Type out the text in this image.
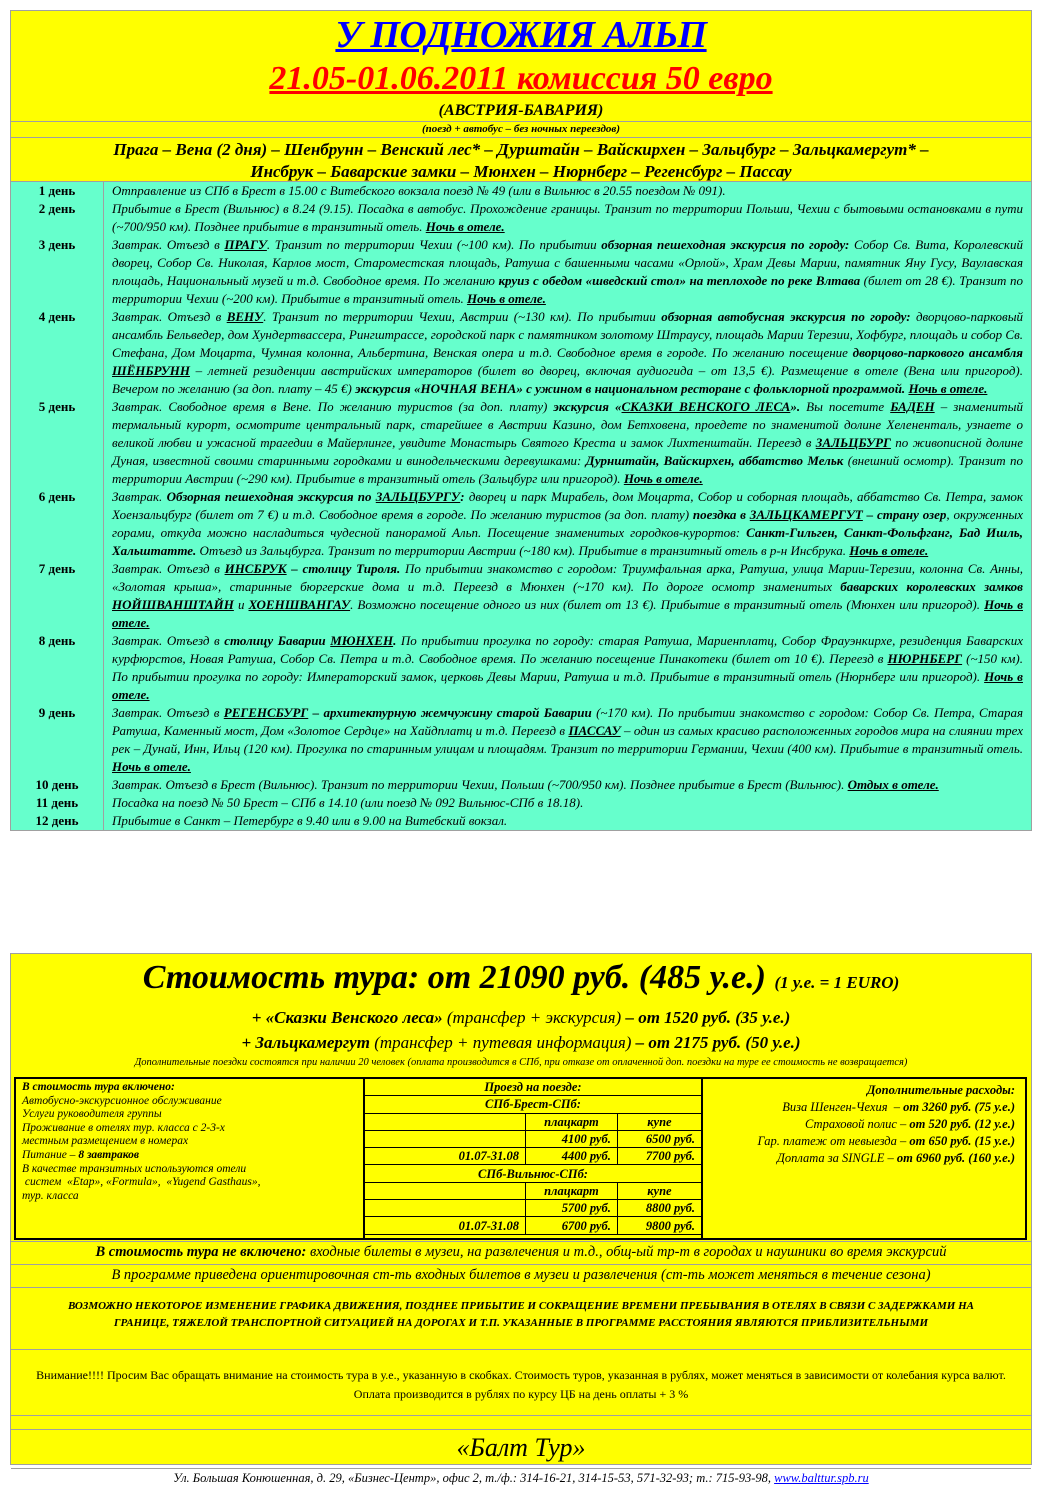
У ПОДНОЖИЯ АЛЬП
21.05-01.06.2011 комиссия 50 евро
(АВСТРИЯ-БАВАРИЯ)
(поезд + автобус – без ночных переездов)
Прага – Вена (2 дня) – Шенбрунн – Венский лес* – Дурштайн – Вайскирхен – Зальцбург – Зальцкамергут* –
Инсбрук – Баварские замки – Мюнхен – Нюрнберг – Регенсбург – Пассау
1 день	Отправление из СПб в Брест в 15.00 с Витебского вокзала поезд № 49 (или в Вильнюс в 20.55 поездом № 091).
2 день	Прибытие в Брест (Вильнюс) в 8.24 (9.15). Посадка в автобус. Прохождение границы. Транзит по территории Польши, Чехии с бытовыми остановками в пути (~700/950 км). Позднее прибытие в транзитный отель. Ночь в отеле.
3 день	Завтрак. Отъезд в ПРАГУ. Транзит по территории Чехии (~100 км). По прибытии обзорная пешеходная экскурсия по городу: Собор Св. Вита, Королевский дворец, Собор Св. Николая, Карлов мост, Староместская площадь, Ратуша с башенными часами «Орлой», Храм Девы Марии, памятник Яну Гусу, Ваулавская площадь, Национальный музей и т.д. Свободное время. По желанию круиз с обедом «шведский стол» на теплоходе по реке Влтава (билет от 28 €). Транзит по территории Чехии (~200 км). Прибытие в транзитный отель. Ночь в отеле.
4 день	Завтрак. Отъезд в ВЕНУ. Транзит по территории Чехии, Австрии (~130 км). По прибытии обзорная автобусная экскурсия по городу: дворцово-парковый ансамбль Бельведер, дом Хундертвассера, Рингштрассе, городской парк с памятником золотому Штраусу, площадь Марии Терезии, Хофбург, площадь и собор Св. Стефана, Дом Моцарта, Чумная колонна, Альбертина, Венская опера и т.д. Свободное время в городе. По желанию посещение дворцово-паркового ансамбля ШЁНБРУНН – летней резиденции австрийских императоров (билет во дворец, включая аудиогида – от 13,5 €). Размещение в отеле (Вена или пригород). Вечером по желанию (за доп. плату – 45 €) экскурсия «НОЧНАЯ ВЕНА» с ужином в национальном ресторане с фольклорной программой. Ночь в отеле.
5 день	Завтрак. Свободное время в Вене. По желанию туристов (за доп. плату) экскурсия «СКАЗКИ ВЕНСКОГО ЛЕСА». Вы посетите БАДЕН – знаменитый термальный курорт, осмотрите центральный парк, старейшее в Австрии Казино, дом Бетховена, проедете по знаменитой долине Хелененталь, узнаете о великой любви и ужасной трагедии в Майерлинге, увидите Монастырь Святого Креста и замок Лихтенштайн. Переезд в ЗАЛЬЦБУРГ по живописной долине Дуная, известной своими старинными городками и винодельческими деревушками: Дурнштайн, Вайскирхен, аббатство Мельк (внешний осмотр). Транзит по территории Австрии (~290 км). Прибытие в транзитный отель (Зальцбург или пригород). Ночь в отеле.
6 день	Завтрак. Обзорная пешеходная экскурсия по ЗАЛЬЦБУРГУ: дворец и парк Мирабель, дом Моцарта, Собор и соборная площадь, аббатство Св. Петра, замок Хоензальцбург (билет от 7 €) и т.д. Свободное время в городе. По желанию туристов (за доп. плату) поездка в ЗАЛЬЦКАМЕРГУТ – страну озер, окруженных горами, откуда можно насладиться чудесной панорамой Альп. Посещение знаменитых городков-курортов: Санкт-Гильген, Санкт-Фольфганг, Бад Ишль, Хальштатте. Отъезд из Зальцбурга. Транзит по территории Австрии (~180 км). Прибытие в транзитный отель в р-н Инсбрука. Ночь в отеле.
7 день	Завтрак. Отъезд в ИНСБРУК – столицу Тироля. По прибытии знакомство с городом: Триумфальная арка, Ратуша, улица Марии-Терезии, колонна Св. Анны, «Золотая крыша», старинные бюргерские дома и т.д. Переезд в Мюнхен (~170 км). По дороге осмотр знаменитых баварских королевских замков НОЙШВАНШТАЙН и ХОЕНШВАНГАУ. Возможно посещение одного из них (билет от 13 €). Прибытие в транзитный отель (Мюнхен или пригород). Ночь в отеле.
8 день	Завтрак. Отъезд в столицу Баварии МЮНХЕН. По прибытии прогулка по городу: старая Ратуша, Мариенплатц, Собор Фрауэнкирхе, резиденция Баварских курфюрстов, Новая Ратуша, Собор Св. Петра и т.д. Свободное время. По желанию посещение Пинакотеки (билет от 10 €). Переезд в НЮРНБЕРГ (~150 км). По прибытии прогулка по городу: Императорский замок, церковь Девы Марии, Ратуша и т.д. Прибытие в транзитный отель (Нюрнберг или пригород). Ночь в отеле.
9 день	Завтрак. Отъезд в РЕГЕНСБУРГ – архитектурную жемчужину старой Баварии (~170 км). По прибытии знакомство с городом: Собор Св. Петра, Старая Ратуша, Каменный мост, Дом «Золотое Сердце» на Хайдплатц и т.д. Переезд в ПАССАУ – один из самых красиво расположенных городов мира на слиянии трех рек – Дунай, Инн, Ильц (120 км). Прогулка по старинным улицам и площадям. Транзит по территории Германии, Чехии (400 км). Прибытие в транзитный отель. Ночь в отеле.
10 день	Завтрак. Отъезд в Брест (Вильнюс). Транзит по территории Чехии, Польши (~700/950 км). Позднее прибытие в Брест (Вильнюс). Отдых в отеле.
11 день	Посадка на поезд № 50 Брест – СПб в 14.10 (или поезд № 092 Вильнюс-СПб в 18.18).
12 день	Прибытие в Санкт – Петербург в 9.40 или в 9.00 на Витебский вокзал.
Стоимость тура: от 21090 руб. (485 у.е.) (1 у.е. = 1 EURO)
+ «Сказки Венского леса» (трансфер + экскурсия) – от 1520 руб. (35 у.е.)
+ Зальцкамергут (трансфер + путевая информация) – от 2175 руб. (50 у.е.)
Дополнительные поездки состоятся при наличии 20 человек (оплата производится в СПб, при отказе от оплаченной доп. поездки на туре ее стоимость не возвращается)
В стоимость тура включено:
Автобусно-экскурсионное обслуживание
Услуги руководителя группы
Проживание в отелях тур. класса с 2-3-х
местным размещением в номерах
Питание – 8 завтраков
В качестве транзитных используются отели
систем  «Etap», «Formula»,  «Yugend Gasthaus»,
тур. класса
Проезд на поезде:		
СПб-Брест-СПб:		
	плацкарт	купе
	4100 руб.	6500 руб.
01.07-31.08	4400 руб.	7700 руб.
СПб-Вильнюс-СПб:		
	плацкарт	купе
	5700 руб.	8800 руб.
01.07-31.08	6700 руб.	9800 руб.
Дополнительные расходы:
Виза Шенген-Чехия  – от 3260 руб. (75 у.е.)
Страховой полис – от 520 руб. (12 у.е.)
Гар. платеж от невыезда – от 650 руб. (15 у.е.)
Доплата за SINGLE – от 6960 руб. (160 у.е.)
В стоимость тура не включено: входные билеты в музеи, на развлечения и т.д., общ-ый тр-т в городах и наушники во время экскурсий
В программе приведена ориентировочная ст-ть входных билетов в музеи и развлечения (ст-ть может меняться в течение сезона)
ВОЗМОЖНО НЕКОТОРОЕ ИЗМЕНЕНИЕ ГРАФИКА ДВИЖЕНИЯ, ПОЗДНЕЕ ПРИБЫТИЕ И СОКРАЩЕНИЕ ВРЕМЕНИ ПРЕБЫВАНИЯ В ОТЕЛЯХ В СВЯЗИ С ЗАДЕРЖКАМИ НА ГРАНИЦЕ, ТЯЖЕЛОЙ ТРАНСПОРТНОЙ СИТУАЦИЕЙ НА ДОРОГАХ И Т.П. УКАЗАННЫЕ В ПРОГРАММЕ РАССТОЯНИЯ ЯВЛЯЮТСЯ ПРИБЛИЗИТЕЛЬНЫМИ
Внимание!!!! Просим Вас обращать внимание на стоимость тура в у.е., указанную в скобках. Стоимость туров, указанная в рублях, может меняться в зависимости от колебания курса валют. Оплата производится в рублях по курсу ЦБ на день оплаты + 3 %
«Балт Тур»
Ул. Большая Конюшенная, д. 29, «Бизнес-Центр», офис 2, т./ф.: 314-16-21, 314-15-53, 571-32-93; т.: 715-93-98, www.balttur.spb.ru
